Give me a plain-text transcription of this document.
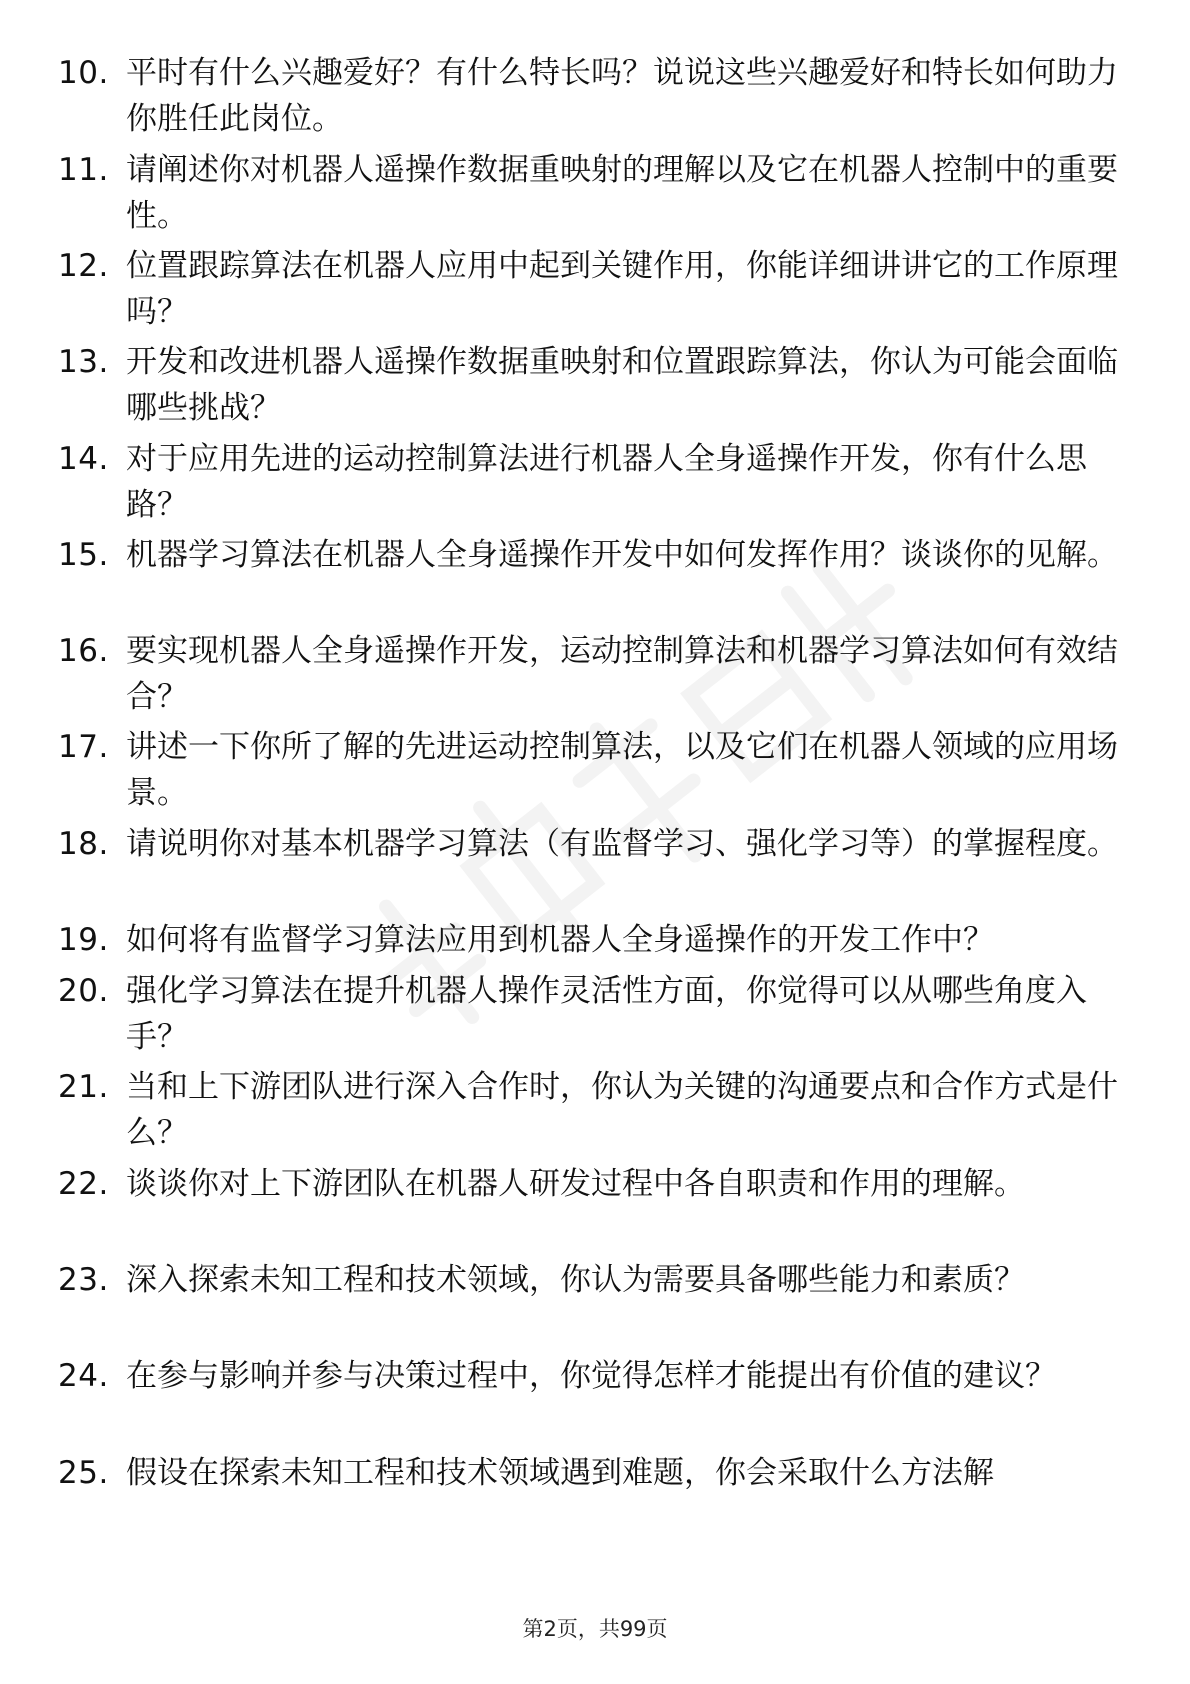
10. 平时有什么兴趣爱好？有什么特长吗？说说这些兴趣爱好和特长如何助力你胜任此岗位。
11. 请阐述你对机器人遥操作数据重映射的理解以及它在机器人控制中的重要性。
12. 位置跟踪算法在机器人应用中起到关键作用，你能详细讲讲它的工作原理吗？
13. 开发和改进机器人遥操作数据重映射和位置跟踪算法，你认为可能会面临哪些挑战？
14. 对于应用先进的运动控制算法进行机器人全身遥操作开发，你有什么思路？
15. 机器学习算法在机器人全身遥操作开发中如何发挥作用？谈谈你的见解。
16. 要实现机器人全身遥操作开发，运动控制算法和机器学习算法如何有效结合？
17. 讲述一下你所了解的先进运动控制算法，以及它们在机器人领域的应用场景。
18. 请说明你对基本机器学习算法（有监督学习、强化学习等）的掌握程度。
19. 如何将有监督学习算法应用到机器人全身遥操作的开发工作中？
20. 强化学习算法在提升机器人操作灵活性方面，你觉得可以从哪些角度入手？
21. 当和上下游团队进行深入合作时，你认为关键的沟通要点和合作方式是什么？
22. 谈谈你对上下游团队在机器人研发过程中各自职责和作用的理解。
23. 深入探索未知工程和技术领域，你认为需要具备哪些能力和素质？
24. 在参与影响并参与决策过程中，你觉得怎样才能提出有价值的建议？
25. 假设在探索未知工程和技术领域遇到难题，你会采取什么方法解
第2页，共99页
